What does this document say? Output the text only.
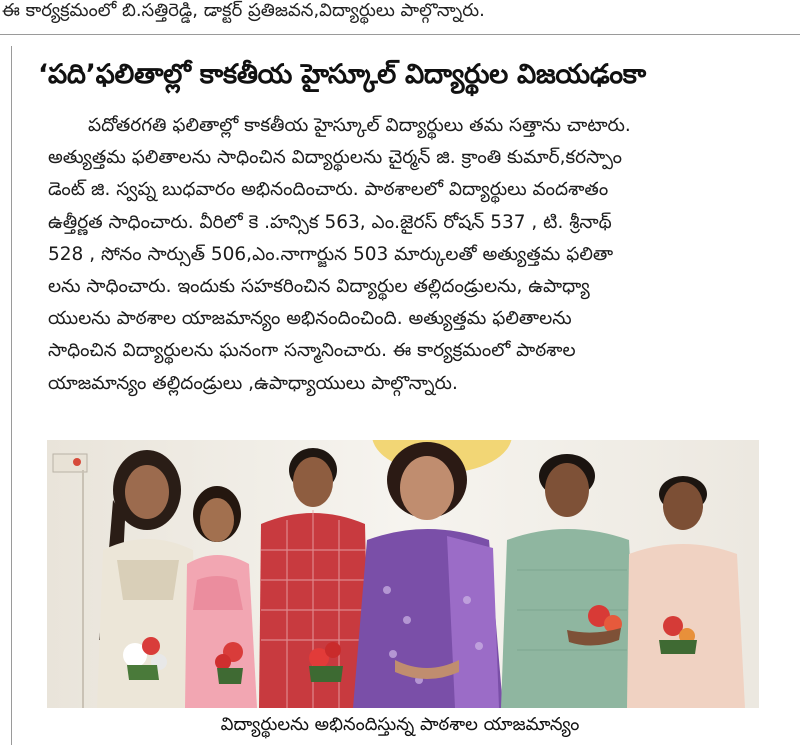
ఈ కార్యక్రమంలో బి.సత్తిరెడ్డి, డాక్టర్ ప్రతిజవన,విద్యార్థులు పాల్గొన్నారు.
‘పది’ఫలితాల్లో కాకతీయ హైస్కూల్ విద్యార్థుల విజయఢంకా
పదోతరగతి ఫలితాల్లో కాకతీయ హైస్కూల్ విద్యార్థులు తమ సత్తాను చాటారు.
అత్యుత్తమ ఫలితాలను సాధించిన విద్యార్థులను చైర్మన్ జి. క్రాంతి కుమార్,కరస్పాం
డెంట్ జి. స్వప్న బుధవారం అభినందించారు. పాఠశాలలో విద్యార్థులు వందశాతం
ఉత్తీర్ణత సాధించారు. వీరిలో కె .హన్సిక 563, ఎం.జైరస్ రోషన్ 537 , టి. శ్రీనాథ్
528 , సోనం సార్సుత్ 506,ఎం.నాగార్జున 503 మార్కులతో అత్యుత్తమ ఫలితా
లను సాధించారు. ఇందుకు సహకరించిన విద్యార్థుల తల్లిదండ్రులను, ఉపాధ్యా
యులను పాఠశాల యాజమాన్యం అభినందించింది. అత్యుత్తమ ఫలితాలను
సాధించిన విద్యార్థులను ఘనంగా సన్మానించారు. ఈ కార్యక్రమంలో పాఠశాల
యాజమాన్యం తల్లిదండ్రులు ,ఉపాధ్యాయులు పాల్గొన్నారు.
విద్యార్థులను అభినందిస్తున్న పాఠశాల యాజమాన్యం
